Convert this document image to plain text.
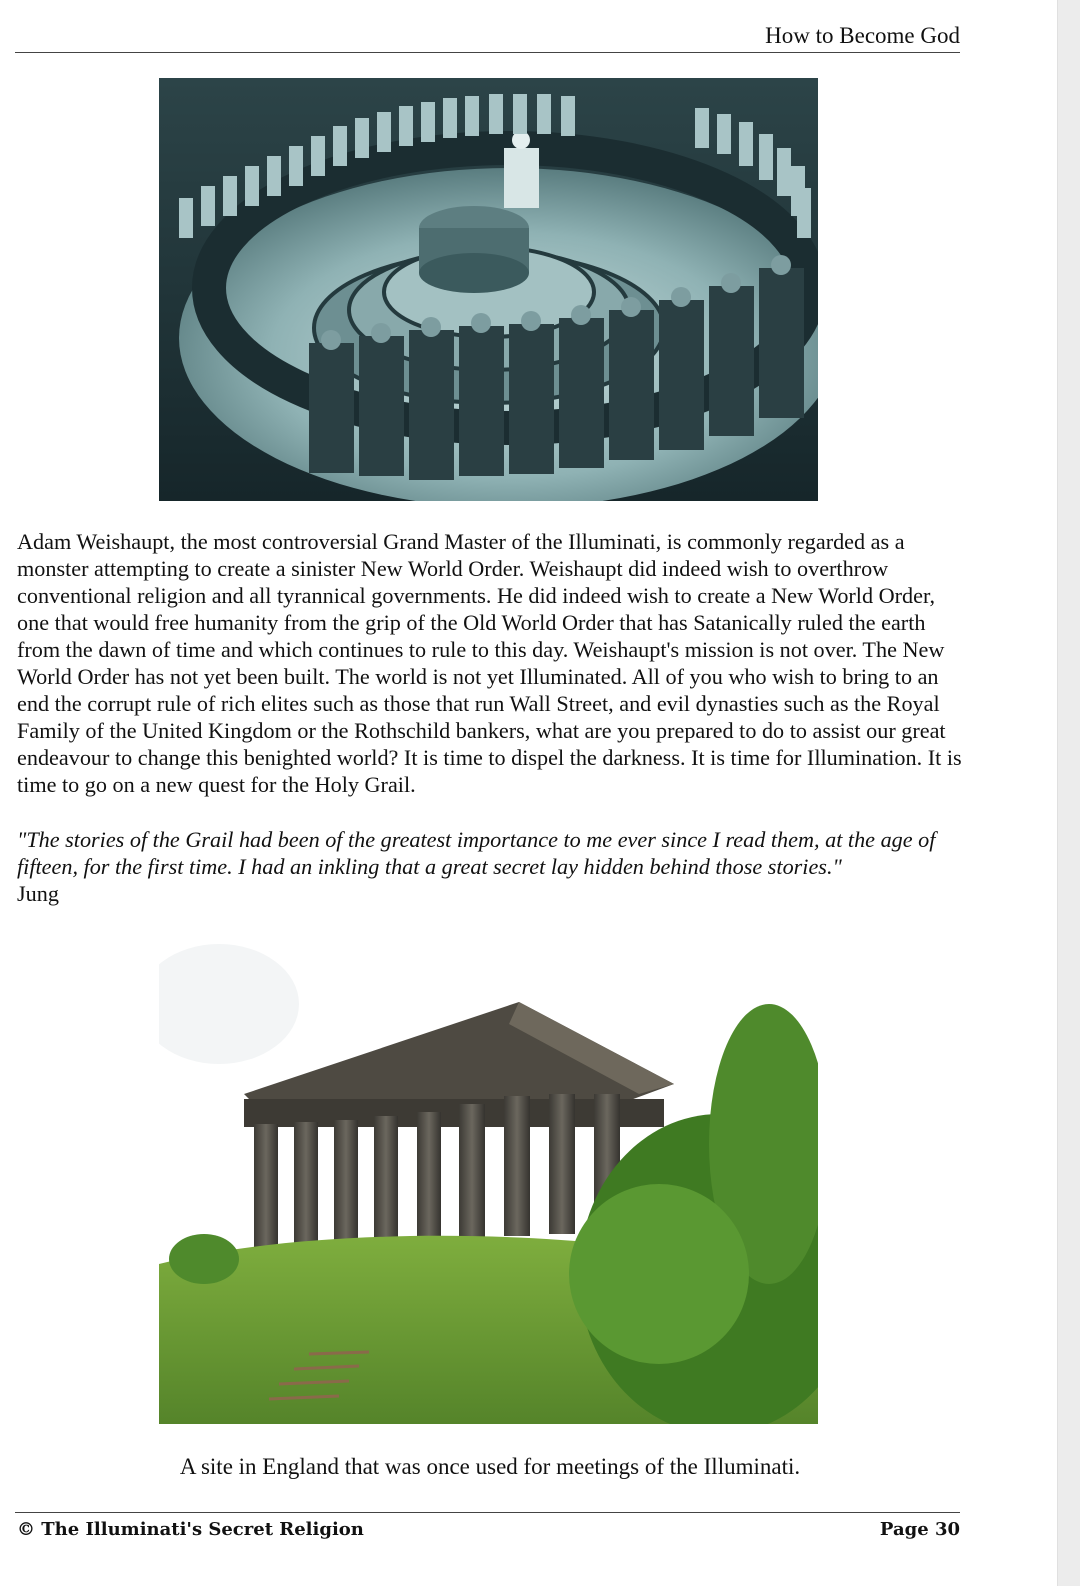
How to Become God

Adam Weishaupt, the most controversial Grand Master of the Illuminati, is commonly regarded as a monster attempting to create a sinister New World Order. Weishaupt did indeed wish to overthrow conventional religion and all tyrannical governments. He did indeed wish to create a New World Order, one that would free humanity from the grip of the Old World Order that has Satanically ruled the earth from the dawn of time and which continues to rule to this day. Weishaupt's mission is not over. The New World Order has not yet been built. The world is not yet Illuminated. All of you who wish to bring to an end the corrupt rule of rich elites such as those that run Wall Street, and evil dynasties such as the Royal Family of the United Kingdom or the Rothschild bankers, what are you prepared to do to assist our great endeavour to change this benighted world? It is time to dispel the darkness. It is time for Illumination. It is time to go on a new quest for the Holy Grail.

"The stories of the Grail had been of the greatest importance to me ever since I read them, at the age of fifteen, for the first time. I had an inkling that a great secret lay hidden behind those stories."
Jung
A site in England that was once used for meetings of the Illuminati.
© The Illuminati's Secret Religion	Page 30
